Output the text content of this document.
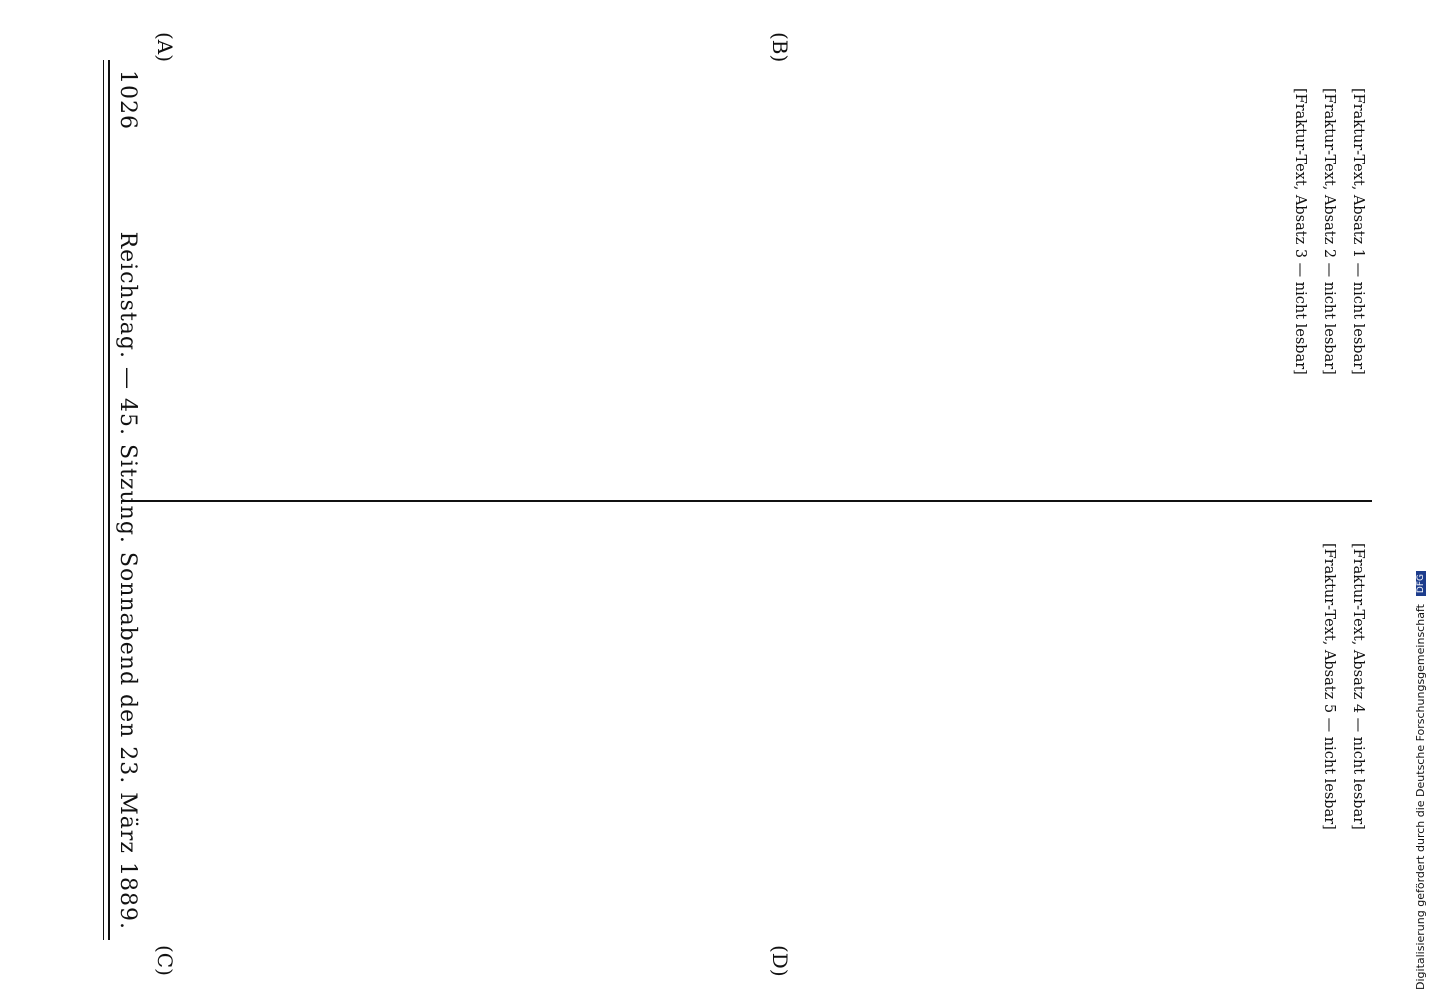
1026
Reichstag. — 45. Sitzung. Sonnabend den 23. März 1889.
(A)	(B)
(C)	(D)

[Fraktur-Text, Absatz 1 — nicht lesbar]

[Fraktur-Text, Absatz 2 — nicht lesbar]

[Fraktur-Text, Absatz 3 — nicht lesbar]

[Fraktur-Text, Absatz 4 — nicht lesbar]

[Fraktur-Text, Absatz 5 — nicht lesbar]	Digitalisierung gefördert durch die Deutsche Forschungsgemeinschaft
DFG
